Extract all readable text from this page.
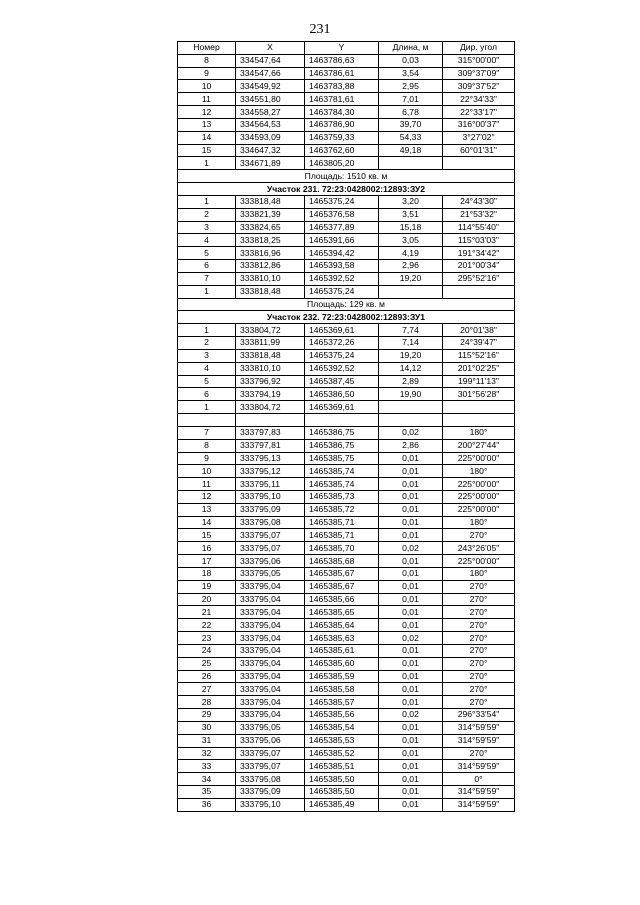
231
Номер	X	Y	Длина, м	Дир. угол
8	334547,64	1463786,63	0,03	315°00'00"
9	334547,66	1463786,61	3,54	309°37'09"
10	334549,92	1463783,88	2,95	309°37'52"
11	334551,80	1463781,61	7,01	22°34'33"
12	334558,27	1463784,30	6,78	22°33'17"
13	334564,53	1463786,90	39,70	316°00'37"
14	334593,09	1463759,33	54,33	3°27'02"
15	334647,32	1463762,60	49,18	60°01'31"
1	334671,89	1463805,20		
Площадь: 1510 кв. м				
Участок 231. 72:23:0428002:12893:ЗУ2				
1	333818,48	1465375,24	3,20	24°43'30"
2	333821,39	1465376,58	3,51	21°53'32"
3	333824,65	1465377,89	15,18	114°55'40"
4	333818,25	1465391,66	3,05	115°03'03"
5	333816,96	1465394,42	4,19	191°34'42"
6	333812,86	1465393,58	2,96	201°00'34"
7	333810,10	1465392,52	19,20	295°52'16"
1	333818,48	1465375,24		
Площадь: 129 кв. м				
Участок 232. 72:23:0428002:12893:ЗУ1				
1	333804,72	1465369,61	7,74	20°01'38"
2	333811,99	1465372,26	7,14	24°39'47"
3	333818,48	1465375,24	19,20	115°52'16"
4	333810,10	1465392,52	14,12	201°02'25"
5	333796,92	1465387,45	2,89	199°11'13"
6	333794,19	1465386,50	19,90	301°56'28"
1	333804,72	1465369,61		

7	333797,83	1465386,75	0,02	180°
8	333797,81	1465386,75	2,86	200°27'44"
9	333795,13	1465385,75	0,01	225°00'00"
10	333795,12	1465385,74	0,01	180°
11	333795,11	1465385,74	0,01	225°00'00"
12	333795,10	1465385,73	0,01	225°00'00"
13	333795,09	1465385,72	0,01	225°00'00"
14	333795,08	1465385,71	0,01	180°
15	333795,07	1465385,71	0,01	270°
16	333795,07	1465385,70	0,02	243°26'05"
17	333795,06	1465385,68	0,01	225°00'00"
18	333795,05	1465385,67	0,01	180°
19	333795,04	1465385,67	0,01	270°
20	333795,04	1465385,66	0,01	270°
21	333795,04	1465385,65	0,01	270°
22	333795,04	1465385,64	0,01	270°
23	333795,04	1465385,63	0,02	270°
24	333795,04	1465385,61	0,01	270°
25	333795,04	1465385,60	0,01	270°
26	333795,04	1465385,59	0,01	270°
27	333795,04	1465385,58	0,01	270°
28	333795,04	1465385,57	0,01	270°
29	333795,04	1465385,56	0,02	296°33'54"
30	333795,05	1465385,54	0,01	314°59'59"
31	333795,06	1465385,53	0,01	314°59'59"
32	333795,07	1465385,52	0,01	270°
33	333795,07	1465385,51	0,01	314°59'59"
34	333795,08	1465385,50	0,01	0°
35	333795,09	1465385,50	0,01	314°59'59"
36	333795,10	1465385,49	0,01	314°59'59"
